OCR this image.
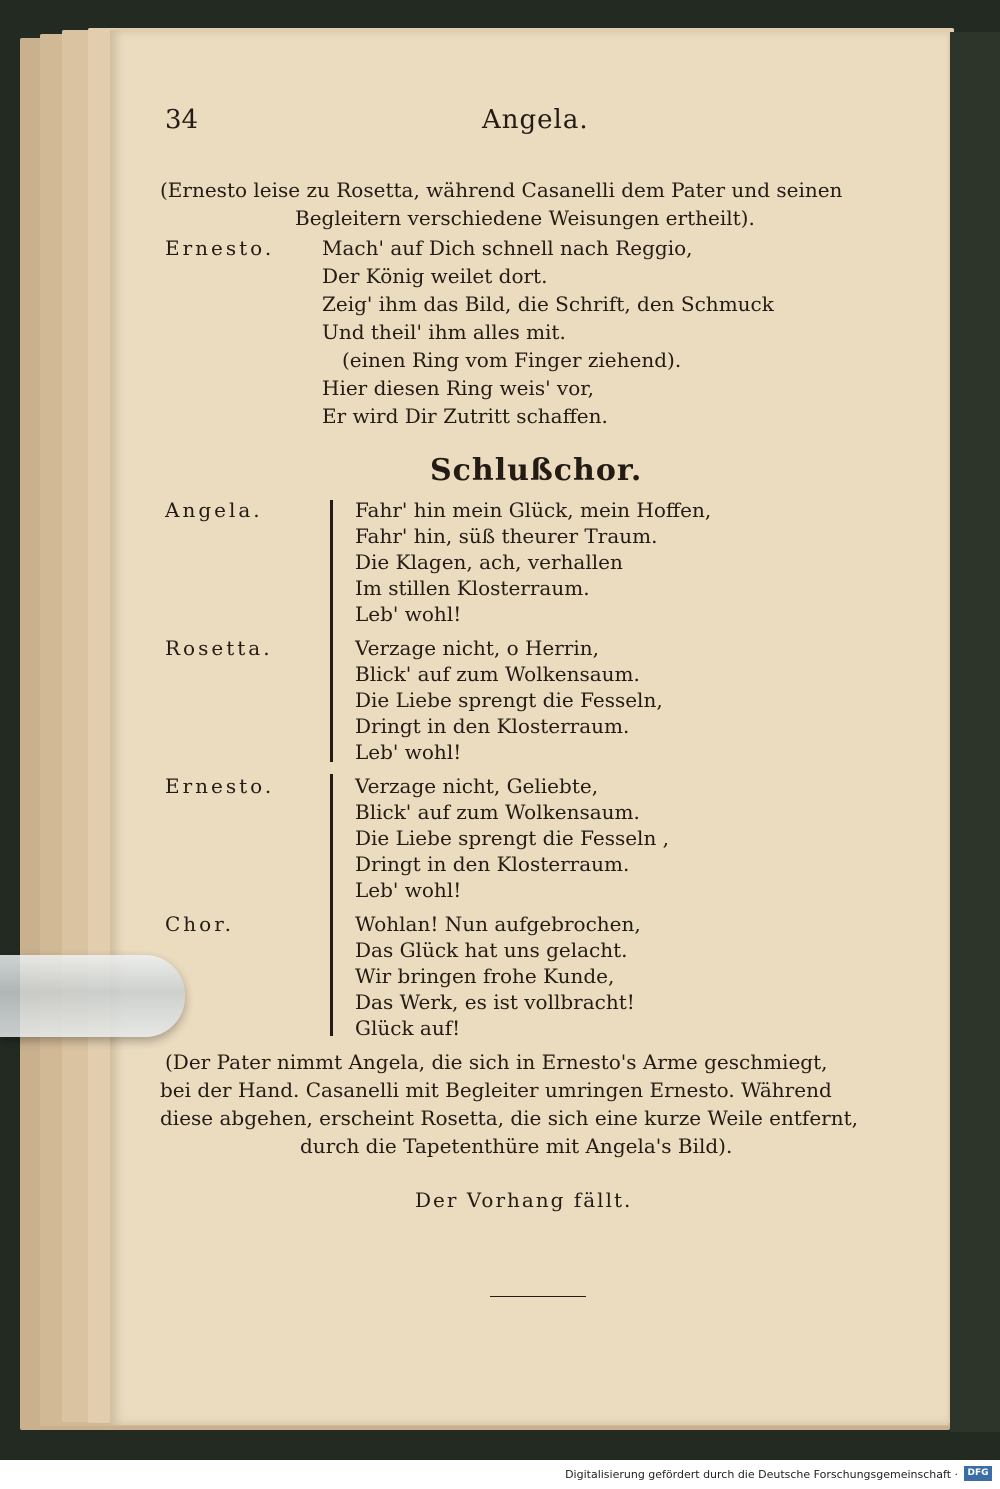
34	Angela.
(Ernesto leise zu Rosetta, während Casanelli dem Pater und seinen
Begleitern verschiedene Weisungen ertheilt).
Ernesto. Mach' auf Dich schnell nach Reggio,
Der König weilet dort.
Zeig' ihm das Bild, die Schrift, den Schmuck
Und theil' ihm alles mit.
(einen Ring vom Finger ziehend).
Hier diesen Ring weis' vor,
Er wird Dir Zutritt schaffen.
Schlußchor.
Angela.	Fahr' hin mein Glück, mein Hoffen,
Fahr' hin, süß theurer Traum.
Die Klagen, ach, verhallen
Im stillen Klosterraum.
Leb' wohl!
Rosetta.	Verzage nicht, o Herrin,
Blick' auf zum Wolkensaum.
Die Liebe sprengt die Fesseln,
Dringt in den Klosterraum.
Leb' wohl!
Ernesto.	Verzage nicht, Geliebte,
Blick' auf zum Wolkensaum.
Die Liebe sprengt die Fesseln ,
Dringt in den Klosterraum.
Leb' wohl!
Chor.	Wohlan! Nun aufgebrochen,
Das Glück hat uns gelacht.
Wir bringen frohe Kunde,
Das Werk, es ist vollbracht!
Glück auf!
(Der Pater nimmt Angela, die sich in Ernesto's Arme geschmiegt,
bei der Hand. Casanelli mit Begleiter umringen Ernesto. Während
diese abgehen, erscheint Rosetta, die sich eine kurze Weile entfernt,
durch die Tapetenthüre mit Angela's Bild).
Der Vorhang fällt.
Digitalisierung gefördert durch die Deutsche Forschungsgemeinschaft ·	DFG
